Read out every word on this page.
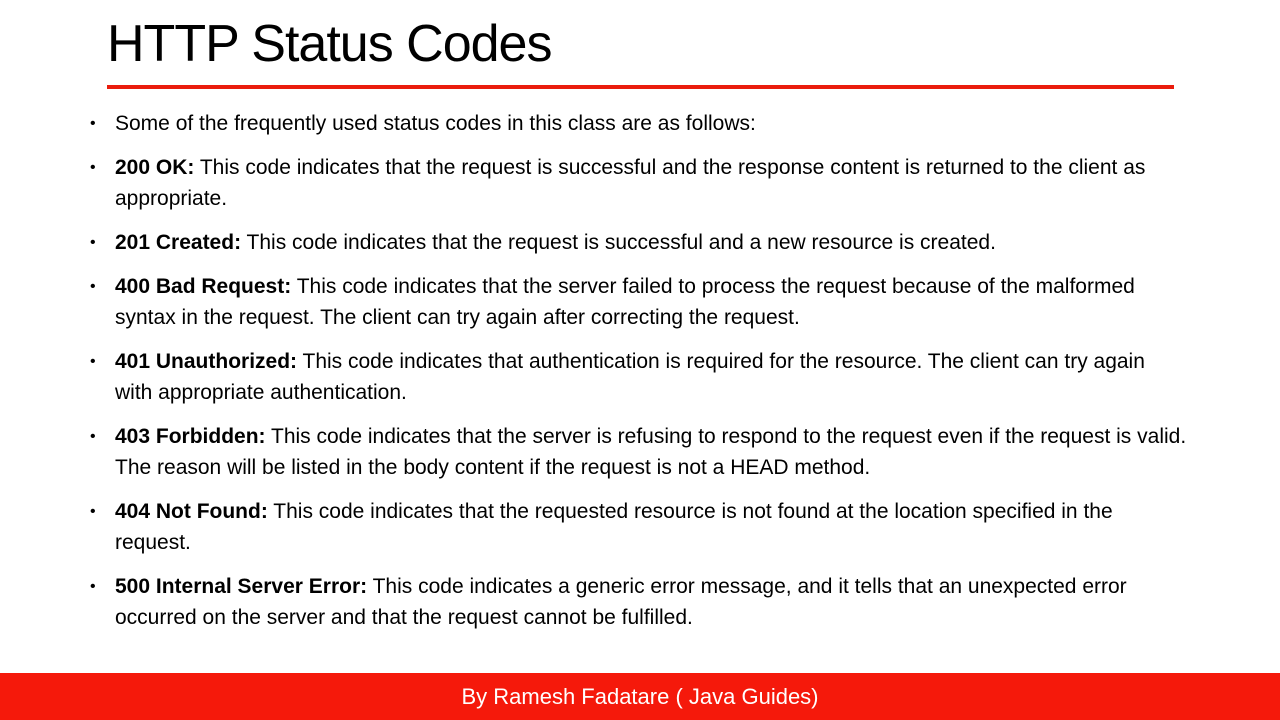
HTTP Status Codes
• Some of the frequently used status codes in this class are as follows:
• 200 OK: This code indicates that the request is successful and the response content is returned to the client as appropriate.
• 201 Created: This code indicates that the request is successful and a new resource is created.
• 400 Bad Request: This code indicates that the server failed to process the request because of the malformed syntax in the request. The client can try again after correcting the request.
• 401 Unauthorized: This code indicates that authentication is required for the resource. The client can try again with appropriate authentication.
• 403 Forbidden: This code indicates that the server is refusing to respond to the request even if the request is valid. The reason will be listed in the body content if the request is not a HEAD method.
• 404 Not Found: This code indicates that the requested resource is not found at the location specified in the request.
• 500 Internal Server Error: This code indicates a generic error message, and it tells that an unexpected error occurred on the server and that the request cannot be fulfilled.
By Ramesh Fadatare ( Java Guides)
